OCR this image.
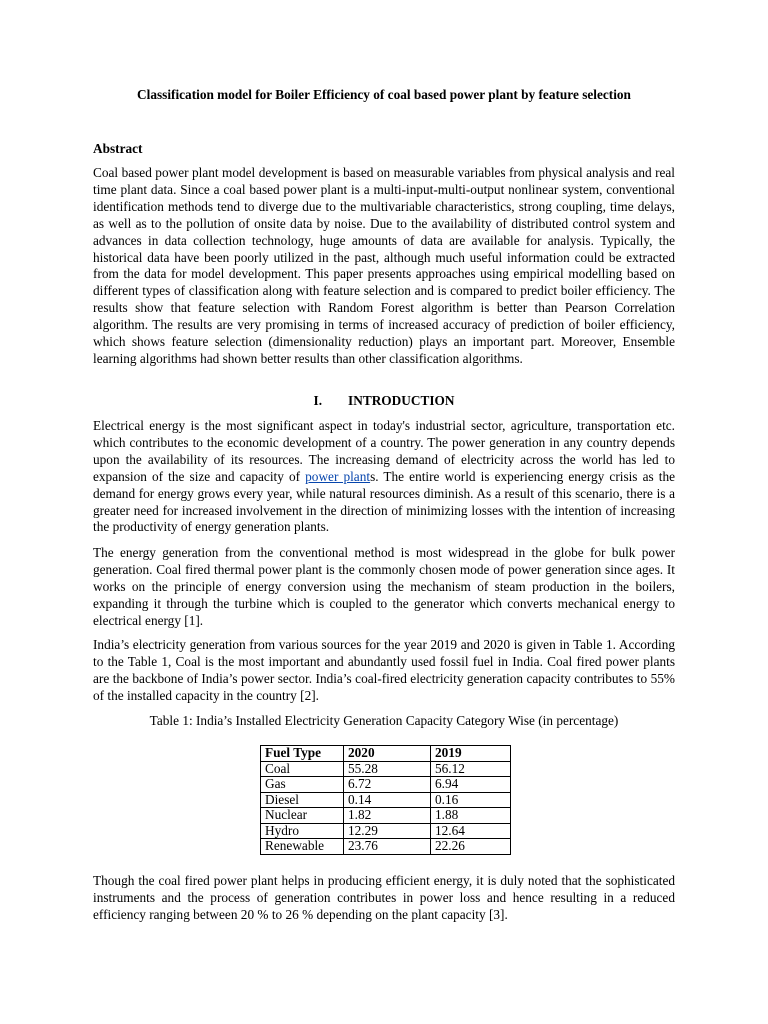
Classification model for Boiler Efficiency of coal based power plant by feature selection
Abstract

Coal based power plant model development is based on measurable variables from physical analysis and real time plant data. Since a coal based power plant is a multi-input-multi-output nonlinear system, conventional identification methods tend to diverge due to the multivariable characteristics, strong coupling, time delays, as well as to the pollution of onsite data by noise. Due to the availability of distributed control system and advances in data collection technology, huge amounts of data are available for analysis. Typically, the historical data have been poorly utilized in the past, although much useful information could be extracted from the data for model development. This paper presents approaches using empirical modelling based on different types of classification along with feature selection and is compared to predict boiler efficiency. The results show that feature selection with Random Forest algorithm is better than Pearson Correlation algorithm. The results are very promising in terms of increased accuracy of prediction of boiler efficiency, which shows feature selection (dimensionality reduction) plays an important part. Moreover, Ensemble learning algorithms had shown better results than other classification algorithms.

I. INTRODUCTION

Electrical energy is the most significant aspect in today's industrial sector, agriculture, transportation etc. which contributes to the economic development of a country. The power generation in any country depends upon the availability of its resources. The increasing demand of electricity across the world has led to expansion of the size and capacity of power plants. The entire world is experiencing energy crisis as the demand for energy grows every year, while natural resources diminish. As a result of this scenario, there is a greater need for increased involvement in the direction of minimizing losses with the intention of increasing the productivity of energy generation plants.

The energy generation from the conventional method is most widespread in the globe for bulk power generation. Coal fired thermal power plant is the commonly chosen mode of power generation since ages. It works on the principle of energy conversion using the mechanism of steam production in the boilers, expanding it through the turbine which is coupled to the generator which converts mechanical energy to electrical energy [1].

India’s electricity generation from various sources for the year 2019 and 2020 is given in Table 1. According to the Table 1, Coal is the most important and abundantly used fossil fuel in India. Coal fired power plants are the backbone of India’s power sector. India’s coal-fired electricity generation capacity contributes to 55% of the installed capacity in the country [2].

Table 1: India’s Installed Electricity Generation Capacity Category Wise (in percentage)

Fuel Type	2020	2019
Coal	55.28	56.12
Gas	6.72	6.94
Diesel	0.14	0.16
Nuclear	1.82	1.88
Hydro	12.29	12.64
Renewable	23.76	22.26

Though the coal fired power plant helps in producing efficient energy, it is duly noted that the sophisticated instruments and the process of generation contributes in power loss and hence resulting in a reduced efficiency ranging between 20 % to 26 % depending on the plant capacity [3].
